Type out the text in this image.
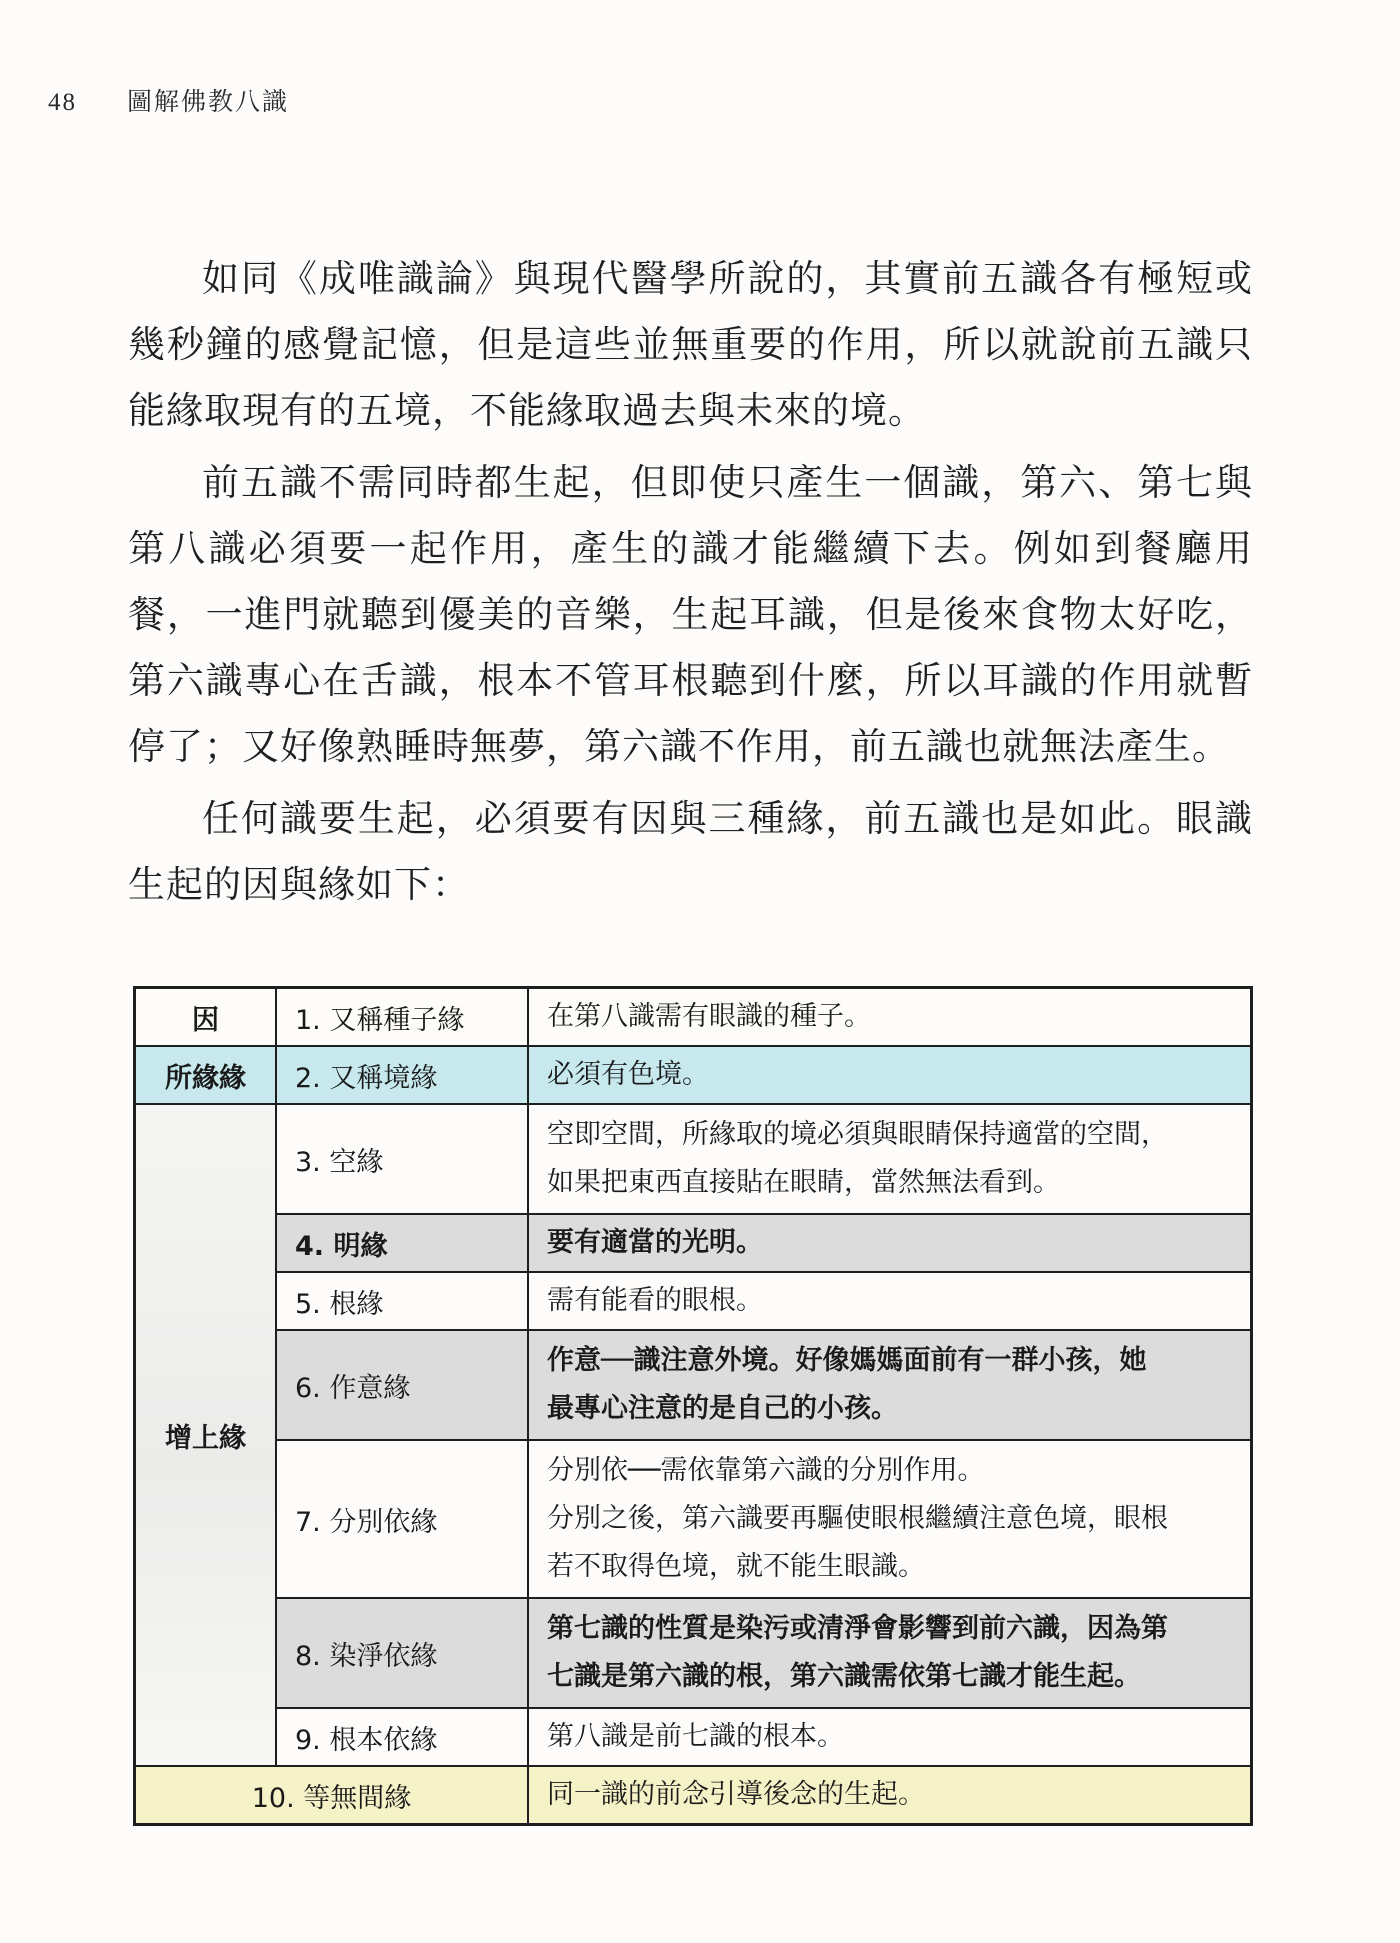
48 圖解佛教八識

如同《成唯識論》與現代醫學所說的，其實前五識各有極短或幾秒鐘的感覺記憶，但是這些並無重要的作用，所以就說前五識只能緣取現有的五境，不能緣取過去與未來的境。

前五識不需同時都生起，但即使只產生一個識，第六、第七與第八識必須要一起作用，產生的識才能繼續下去。例如到餐廳用餐，一進門就聽到優美的音樂，生起耳識，但是後來食物太好吃，第六識專心在舌識，根本不管耳根聽到什麼，所以耳識的作用就暫停了；又好像熟睡時無夢，第六識不作用，前五識也就無法產生。

任何識要生起，必須要有因與三種緣，前五識也是如此。眼識生起的因與緣如下：

因	1. 又稱種子緣	在第八識需有眼識的種子。
所緣緣	2. 又稱境緣	必須有色境。
增上緣	3. 空緣	空即空間，所緣取的境必須與眼睛保持適當的空間，
如果把東西直接貼在眼睛，當然無法看到。
	4. 明緣	要有適當的光明。
	5. 根緣	需有能看的眼根。
	6. 作意緣	作意──識注意外境。好像媽媽面前有一群小孩，她
最專心注意的是自己的小孩。
	7. 分別依緣	分別依──需依靠第六識的分別作用。
分別之後，第六識要再驅使眼根繼續注意色境，眼根
若不取得色境，就不能生眼識。
	8. 染淨依緣	第七識的性質是染污或清淨會影響到前六識，因為第
七識是第六識的根，第六識需依第七識才能生起。
	9. 根本依緣	第八識是前七識的根本。
10. 等無間緣		同一識的前念引導後念的生起。
